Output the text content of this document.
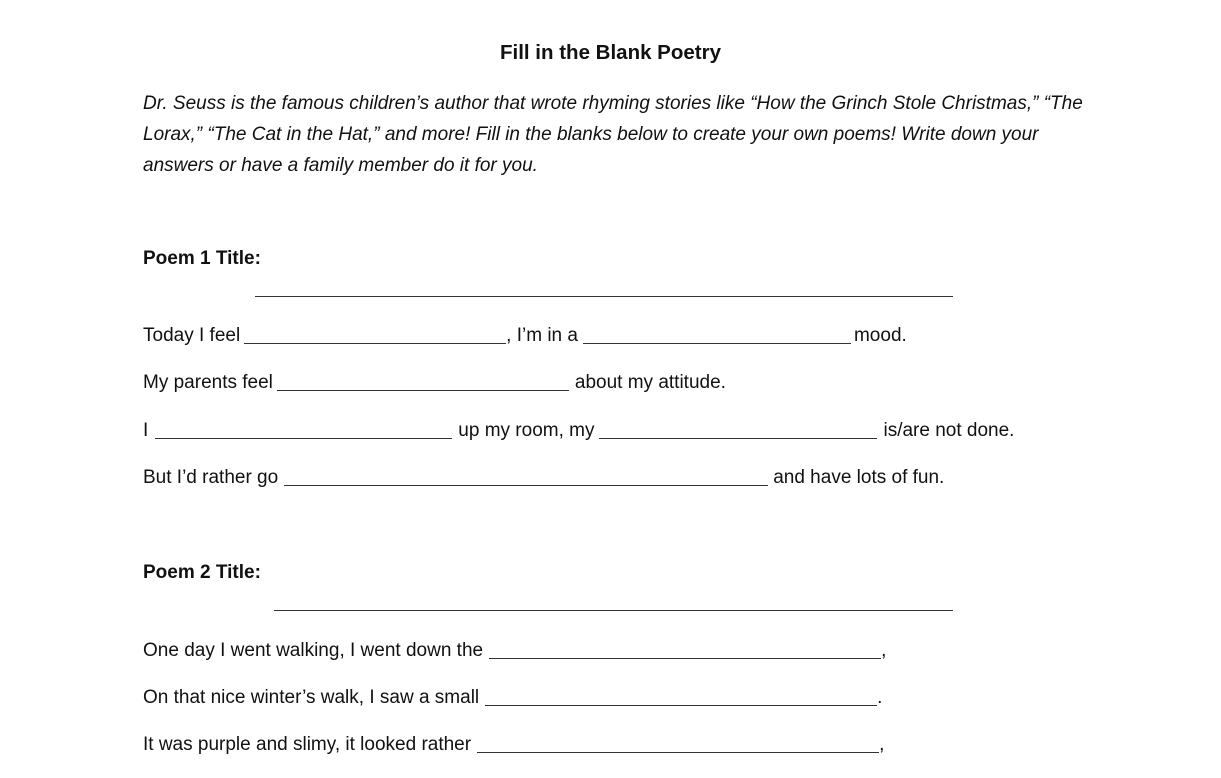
Fill in the Blank Poetry
Dr. Seuss is the famous children’s author that wrote rhyming stories like “How the Grinch Stole Christmas,” “The Lorax,” “The Cat in the Hat,” and more! Fill in the blanks below to create your own poems! Write down your answers or have a family member do it for you.
Poem 1 Title:
Today I feel	, I’m in a	mood.
My parents feel	about my attitude.
I	up my room, my	is/are not done.
But I’d rather go	and have lots of fun.
Poem 2 Title:
One day I went walking, I went down the	,
On that nice winter’s walk, I saw a small	.
It was purple and slimy, it looked rather	,
